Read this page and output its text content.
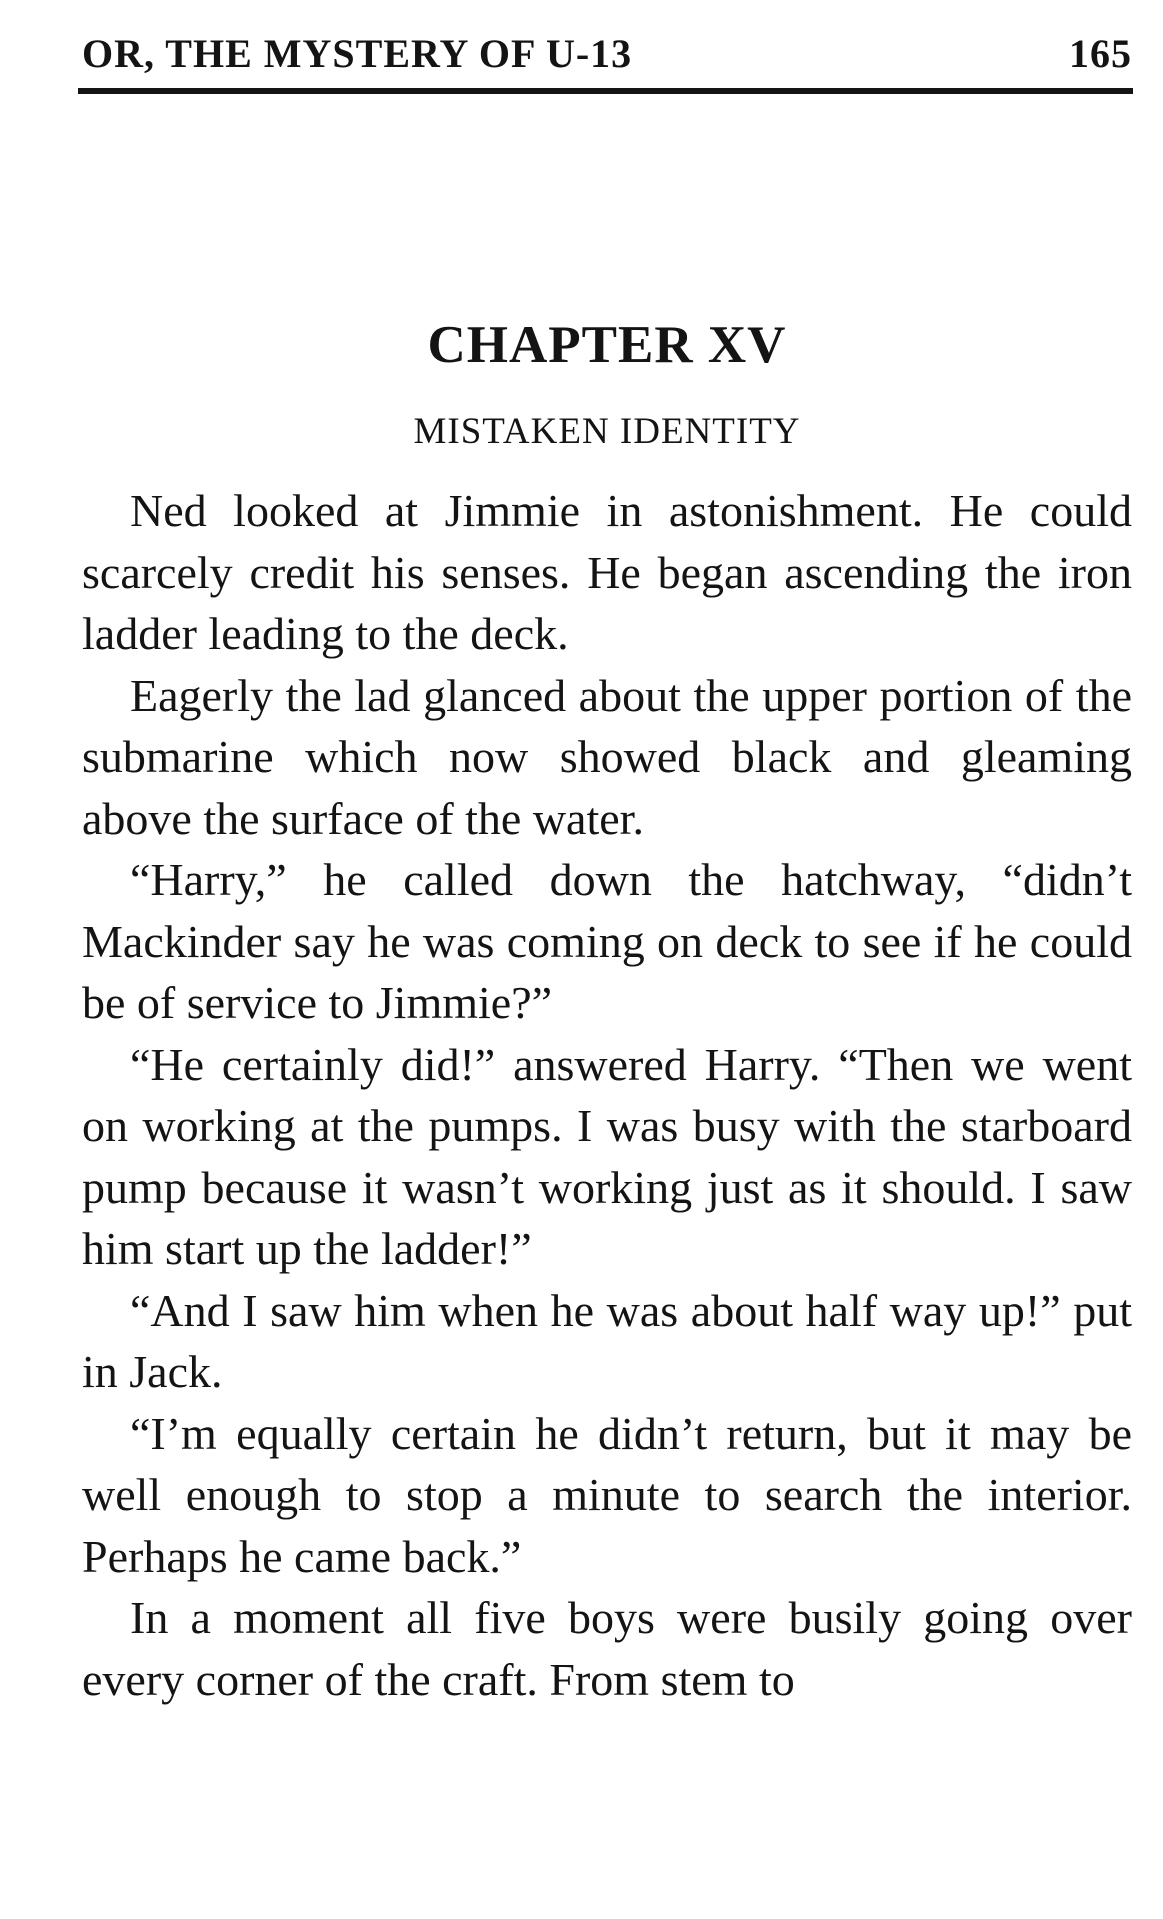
OR, THE MYSTERY OF U-13	165
CHAPTER XV
MISTAKEN IDENTITY

Ned looked at Jimmie in astonishment. He could scarcely credit his senses. He began ascending the iron ladder leading to the deck.

Eagerly the lad glanced about the upper portion of the submarine which now showed black and gleaming above the surface of the water.

“Harry,” he called down the hatchway, “didn’t Mackinder say he was coming on deck to see if he could be of service to Jimmie?”

“He certainly did!” answered Harry. “Then we went on working at the pumps. I was busy with the starboard pump because it wasn’t working just as it should. I saw him start up the ladder!”

“And I saw him when he was about half way up!” put in Jack.

“I’m equally certain he didn’t return, but it may be well enough to stop a minute to search the interior. Perhaps he came back.”

In a moment all five boys were busily going over every corner of the craft. From stem to
